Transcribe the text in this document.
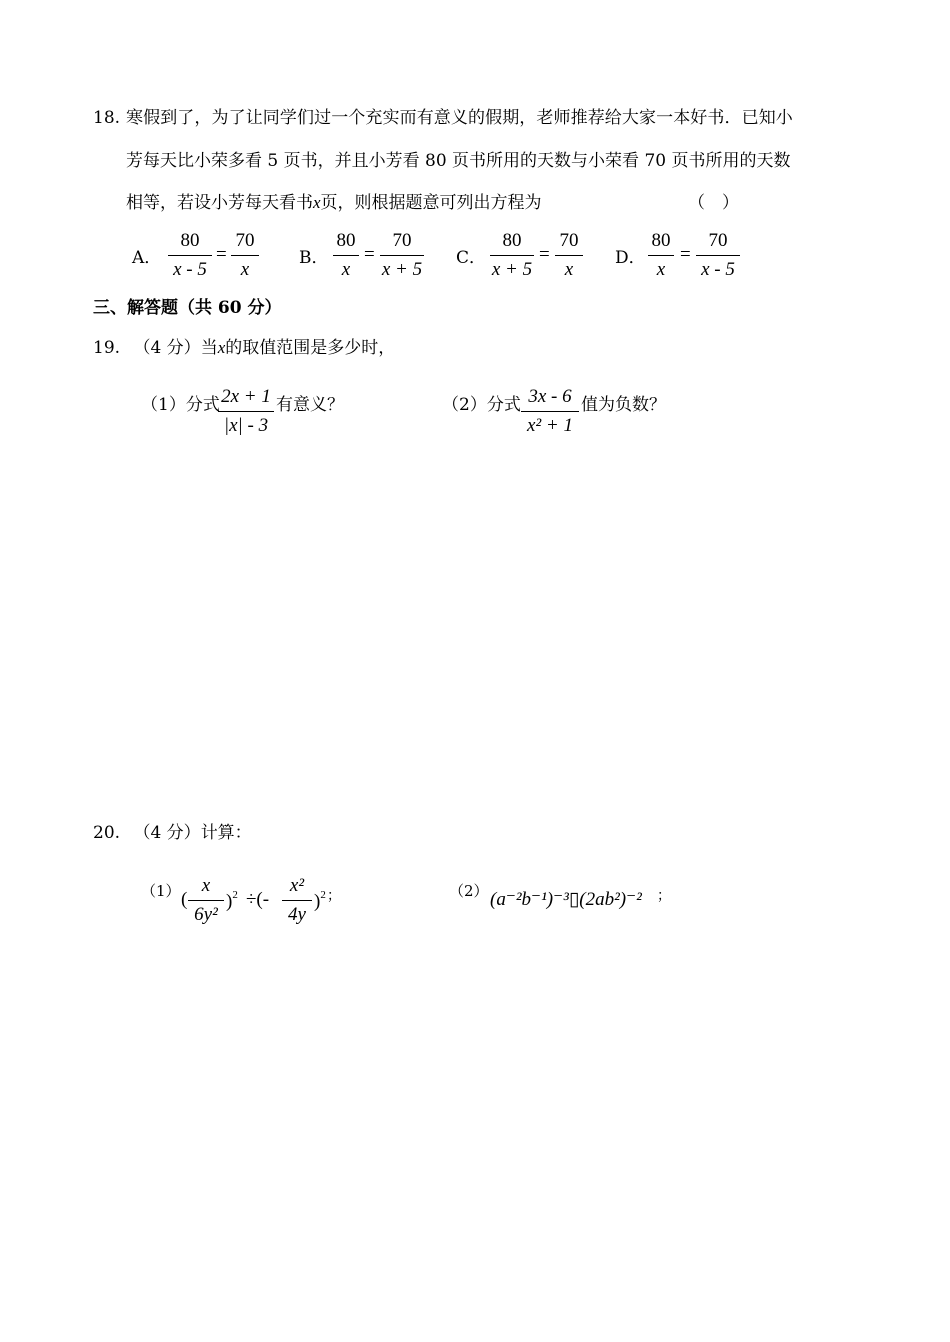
18. 寒假到了，为了让同学们过一个充实而有意义的假期，老师推荐给大家一本好书．已知小
芳每天比小荣多看 5 页书，并且小芳看 80 页书所用的天数与小荣看 70 页书所用的天数
相等，若设小芳每天看书x页，则根据题意可列出方程为	（　）
A．
80
x - 5
=
70
x
B．
80
x
=
70
x + 5
C．
80
x + 5
=
70
x
D．
80
x
=
70
x - 5
三、解答题（共 60 分）
19. （4 分）当x的取值范围是多少时，
（1）分式 2x + 1
|x| - 3
有意义？	（2）分式 3x - 6
x² + 1
值为负数？
20. （4 分）计算：
（1） (
x
6y²
)$^2$ ÷(-
x²
4y
)$^2$ ；	（2） (a⁻²b⁻¹)⁻³▯(2ab²)⁻² ；
